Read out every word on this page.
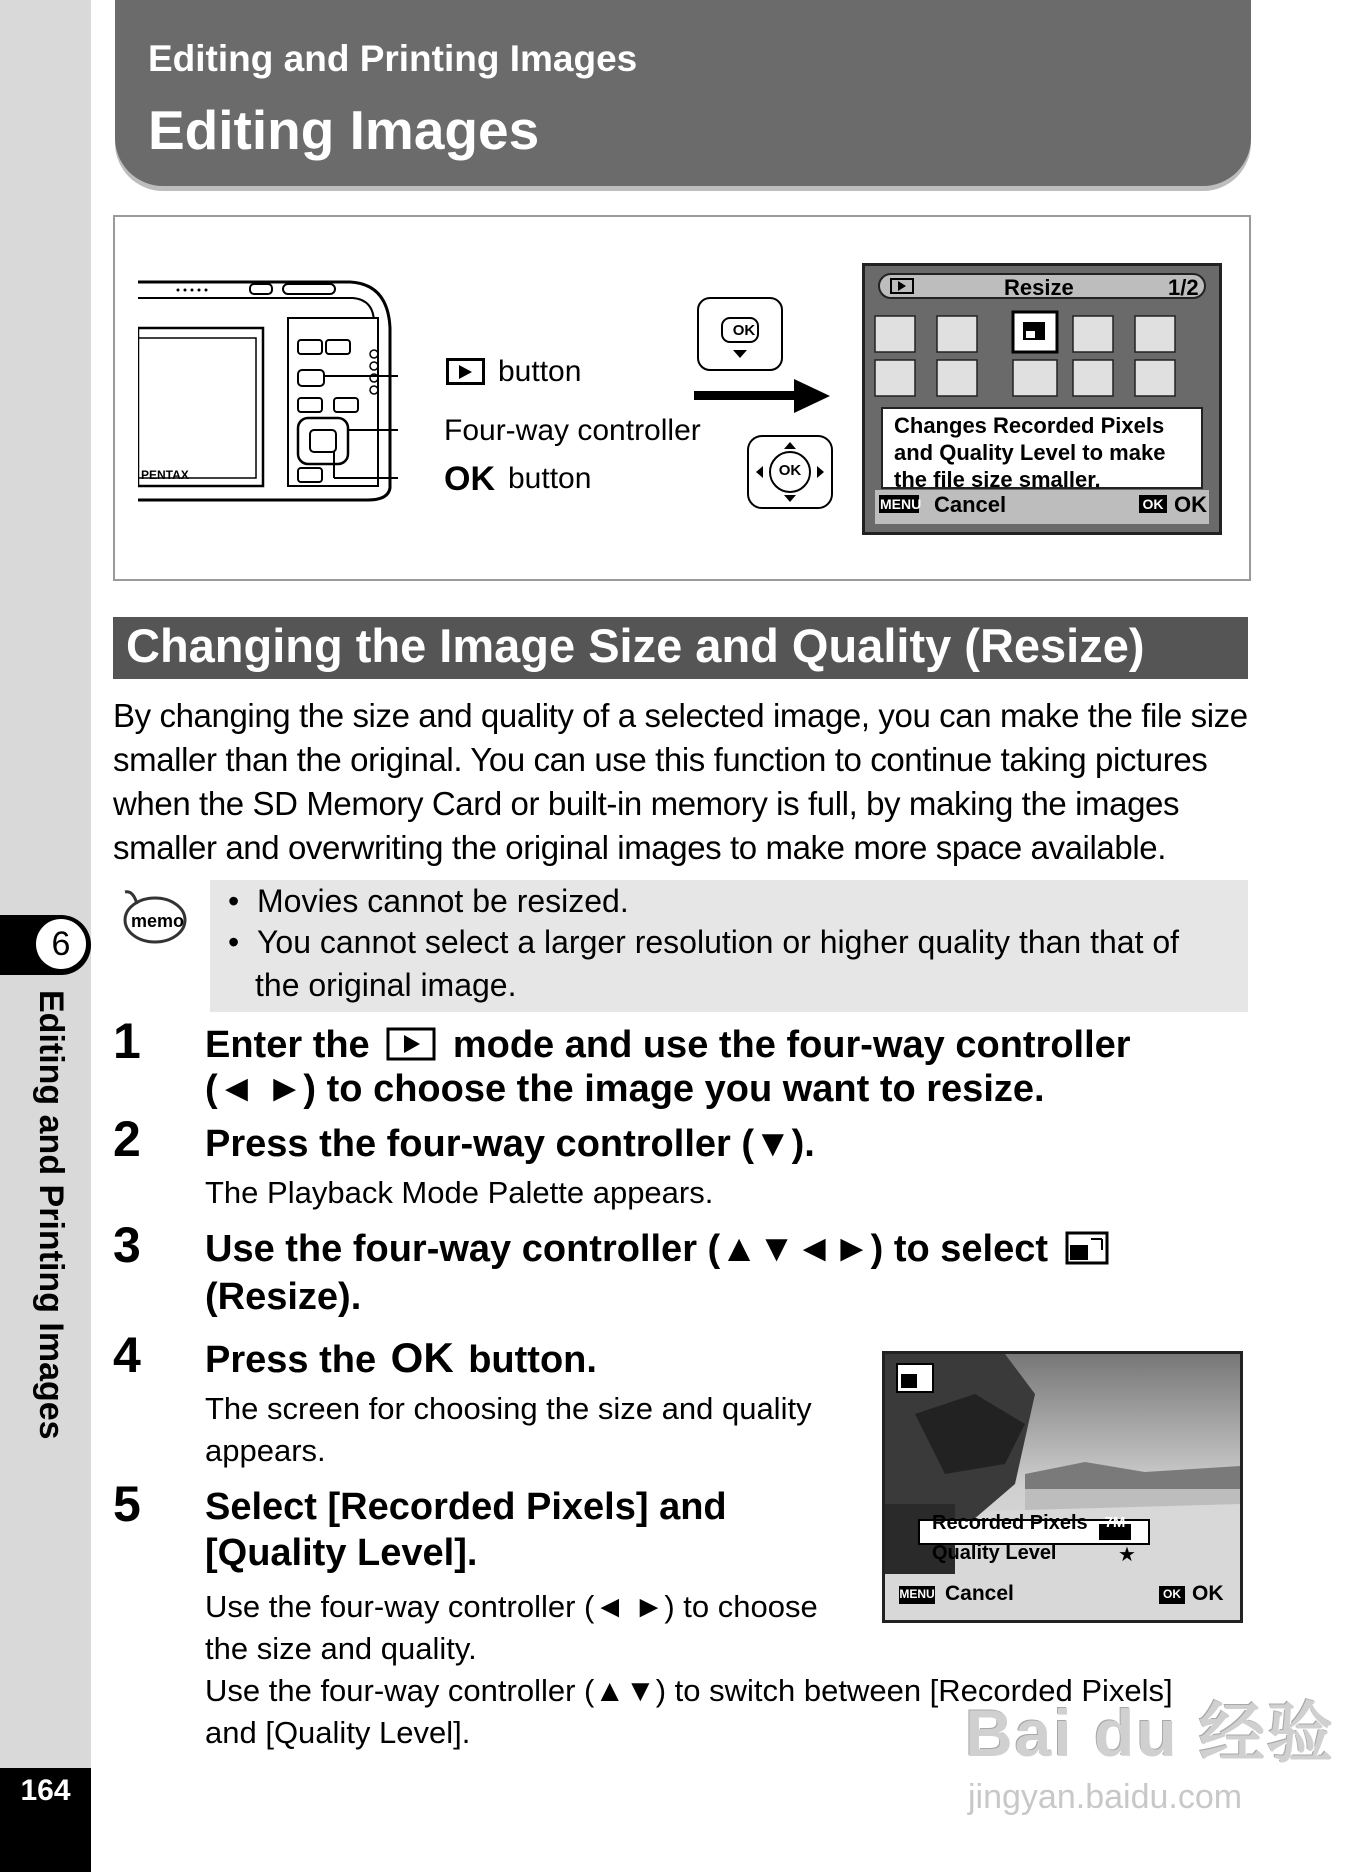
6
Editing and Printing Images
164
Editing and Printing Images
Editing Images
PENTAX
button
Four-way controller
OK button
OK
OK
Resize	1/2
Changes Recorded Pixels
and Quality Level to make
the file size smaller.
MENU Cancel	OK OK
Changing the Image Size and Quality (Resize)
By changing the size and quality of a selected image, you can make the file size
smaller than the original. You can use this function to continue taking pictures
when the SD Memory Card or built-in memory is full, by making the images
smaller and overwriting the original images to make more space available.
memo
•  Movies cannot be resized.
•  You cannot select a larger resolution or higher quality than that of
the original image.
1 Enter the mode and use the four-way controller
(◄ ►) to choose the image you want to resize.
2 Press the four-way controller (▼).
The Playback Mode Palette appears.
3 Use the four-way controller (▲▼◄►) to select
(Resize).
4 Press the OK button.
The screen for choosing the size and quality
appears.
5 Select [Recorded Pixels] and
[Quality Level].
Use the four-way controller (◄ ►) to choose
the size and quality.
Use the four-way controller (▲▼) to switch between [Recorded Pixels]
and [Quality Level].
Recorded Pixels	7M
Quality Level	★
MENU Cancel	OK OK
Bai du 经验
jingyan.baidu.com
